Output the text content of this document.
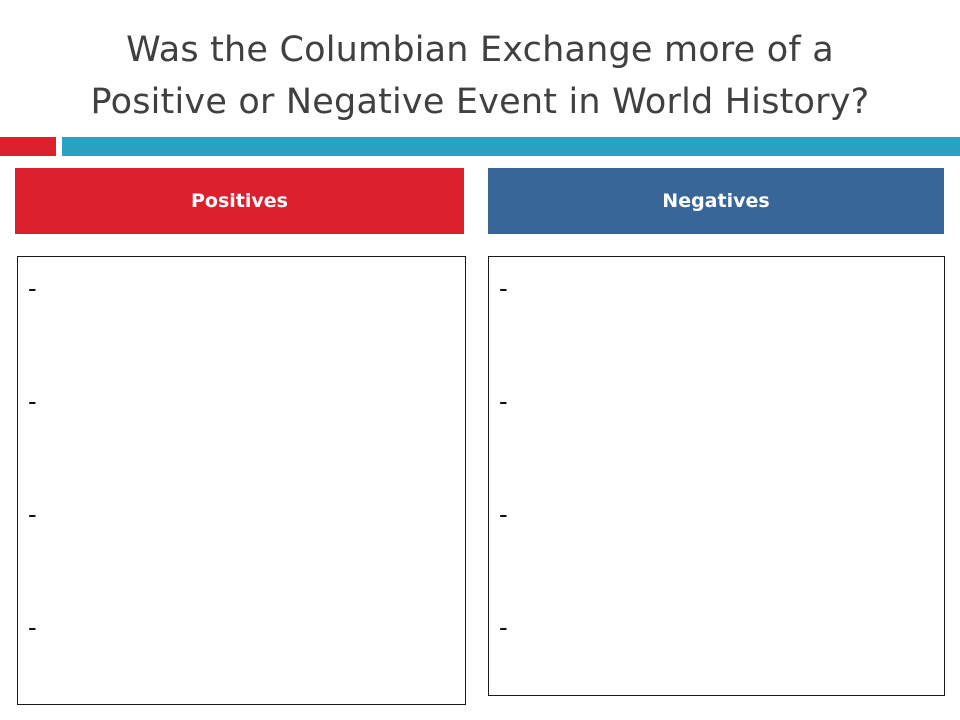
Was the Columbian Exchange more of a
Positive or Negative Event in World History?
Positives	Negatives
-
-
-
-
-
-
-
-
